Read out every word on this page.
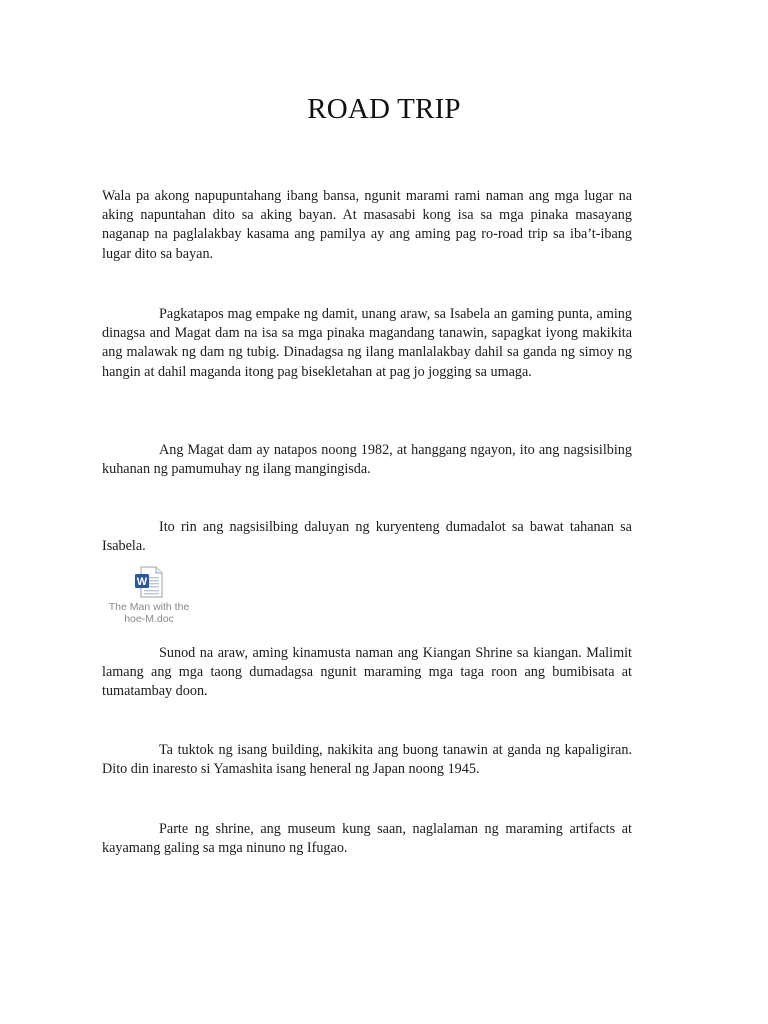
ROAD TRIP
Wala pa akong napupuntahang ibang bansa, ngunit marami rami naman ang mga lugar na aking napuntahan dito sa aking bayan. At masasabi kong isa sa mga pinaka masayang naganap na paglalakbay kasama ang pamilya ay ang aming pag ro-road trip sa iba’t-ibang lugar dito sa bayan.
Pagkatapos mag empake ng damit, unang araw, sa Isabela an gaming punta, aming dinagsa and Magat dam na isa sa mga pinaka magandang tanawin, sapagkat iyong makikita ang malawak ng dam ng tubig. Dinadagsa ng ilang manlalakbay dahil sa ganda ng simoy ng hangin at dahil maganda itong pag bisekletahan at pag jo jogging sa umaga.
Ang Magat dam ay natapos noong 1982, at hanggang ngayon, ito ang nagsisilbing kuhanan ng pamumuhay ng ilang mangingisda.
Ito rin ang nagsisilbing daluyan ng kuryenteng dumadalot sa bawat tahanan sa Isabela.
W
The Man with the
hoe-M.doc
Sunod na araw, aming kinamusta naman ang Kiangan Shrine sa kiangan. Malimit lamang ang mga taong dumadagsa ngunit maraming mga taga roon ang bumibisata at tumatambay doon.
Ta tuktok ng isang building, nakikita ang buong tanawin at ganda ng kapaligiran. Dito din inaresto si Yamashita isang heneral ng Japan noong 1945.
Parte ng shrine, ang museum kung saan, naglalaman ng maraming artifacts at kayamang galing sa mga ninuno ng Ifugao.
